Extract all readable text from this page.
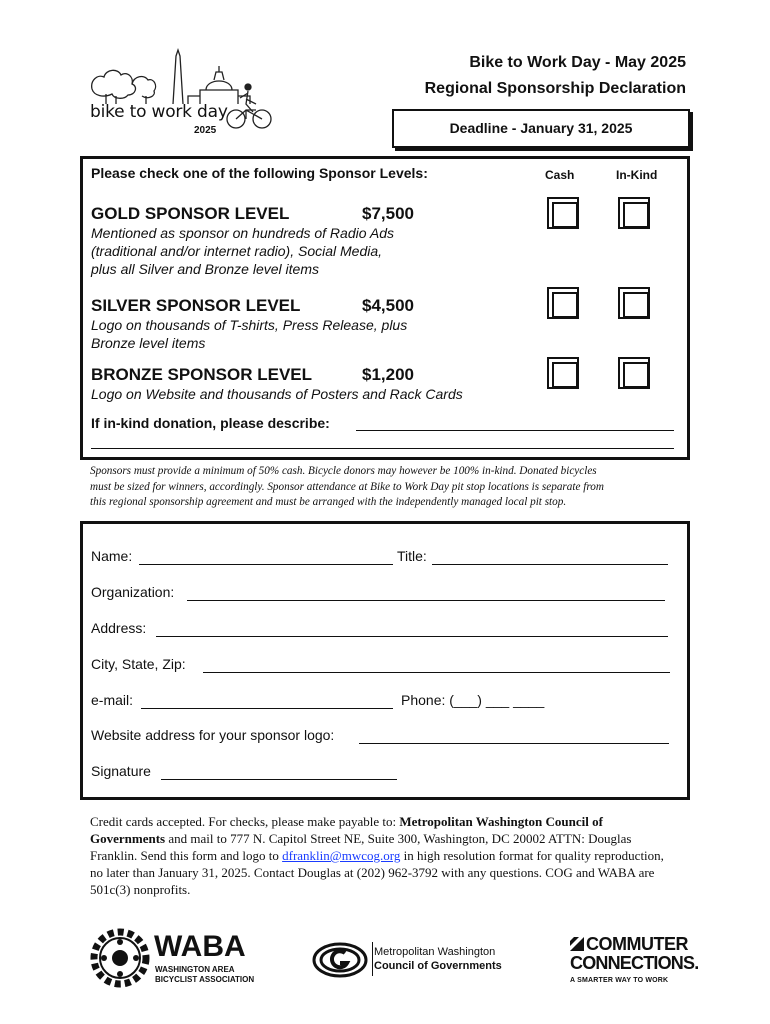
bike to work day
2025
Bike to Work Day - May 2025
Regional Sponsorship Declaration
Deadline - January 31, 2025
Please check one of the following Sponsor Levels:	Cash	In-Kind
GOLD SPONSOR LEVEL	$7,500
Mentioned as sponsor on hundreds of Radio Ads
(traditional and/or internet radio), Social Media,
plus all Silver and Bronze level items
SILVER SPONSOR LEVEL	$4,500
Logo on thousands of T-shirts, Press Release, plus
Bronze level items
BRONZE SPONSOR LEVEL	$1,200
Logo on Website and thousands of Posters and Rack Cards
If in-kind donation, please describe:
Sponsors must provide a minimum of 50% cash. Bicycle donors may however be 100% in-kind. Donated bicycles
must be sized for winners, accordingly. Sponsor attendance at Bike to Work Day pit stop locations is separate from
this regional sponsorship agreement and must be arranged with the independently managed local pit stop.
Name:	Title:
Organization:
Address:
City, State, Zip:
e-mail:	Phone: (___) ___ ____
Website address for your sponsor logo:
Signature
Credit cards accepted. For checks, please make payable to: Metropolitan Washington Council of Governments and mail to 777 N. Capitol Street NE, Suite 300, Washington, DC 20002 ATTN: Douglas Franklin. Send this form and logo to dfranklin@mwcog.org in high resolution format for quality reproduction, no later than January 31, 2025. Contact Douglas at (202) 962-3792 with any questions. COG and WABA are 501c(3) nonprofits.
WABA
WASHINGTON AREA
BICYCLIST ASSOCIATION
Metropolitan Washington
Council of Governments
COMMUTER
CONNECTIONS.
A SMARTER WAY TO WORK
